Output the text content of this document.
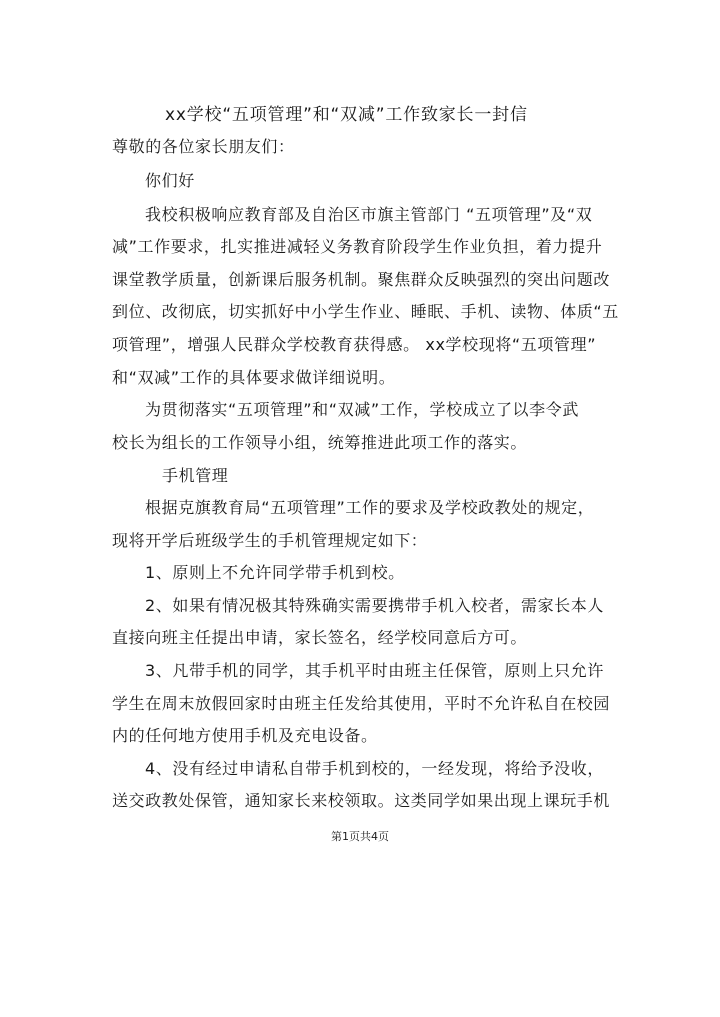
xx学校“五项管理”和“双减”工作致家长一封信
尊敬的各位家长朋友们：
你们好
我校积极响应教育部及自治区市旗主管部门 “五项管理”及“双
减”工作要求，扎实推进减轻义务教育阶段学生作业负担，着力提升
课堂教学质量，创新课后服务机制。聚焦群众反映强烈的突出问题改
到位、改彻底，切实抓好中小学生作业、睡眠、手机、读物、体质“五
项管理”，增强人民群众学校教育获得感。 xx学校现将“五项管理”
和“双减”工作的具体要求做详细说明。
为贯彻落实“五项管理”和“双减”工作，学校成立了以李令武
校长为组长的工作领导小组，统筹推进此项工作的落实。
手机管理
根据克旗教育局“五项管理”工作的要求及学校政教处的规定，
现将开学后班级学生的手机管理规定如下：
1、原则上不允许同学带手机到校。
2、如果有情况极其特殊确实需要携带手机入校者，需家长本人
直接向班主任提出申请，家长签名，经学校同意后方可。
3、凡带手机的同学，其手机平时由班主任保管，原则上只允许
学生在周末放假回家时由班主任发给其使用，平时不允许私自在校园
内的任何地方使用手机及充电设备。
4、没有经过申请私自带手机到校的，一经发现，将给予没收，
送交政教处保管，通知家长来校领取。这类同学如果出现上课玩手机
第1页共4页
